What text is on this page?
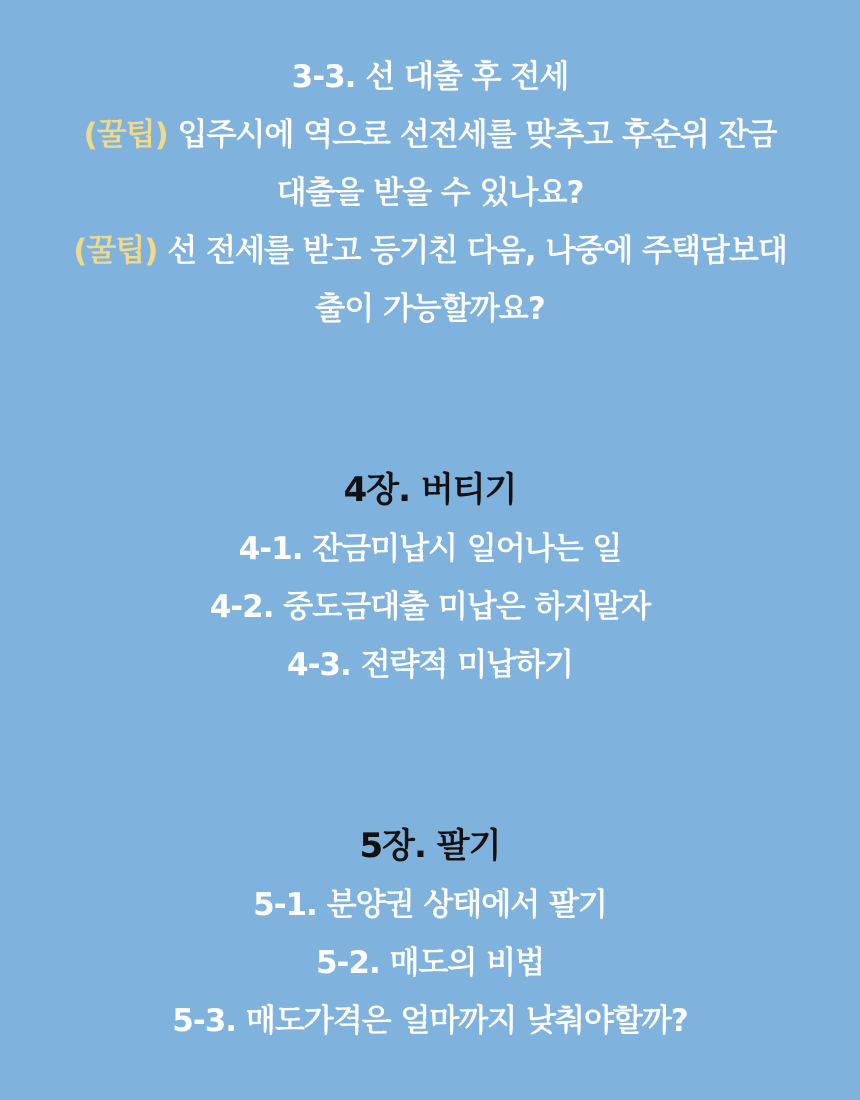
3-3. 선 대출 후 전세
(꿀팁) 입주시에 역으로 선전세를 맞추고 후순위 잔금
대출을 받을 수 있나요?
(꿀팁) 선 전세를 받고 등기친 다음, 나중에 주택담보대
출이 가능할까요?
4장. 버티기
4-1. 잔금미납시 일어나는 일
4-2. 중도금대출 미납은 하지말자
4-3. 전략적 미납하기
5장. 팔기
5-1. 분양권 상태에서 팔기
5-2. 매도의 비법
5-3. 매도가격은 얼마까지 낮춰야할까?
